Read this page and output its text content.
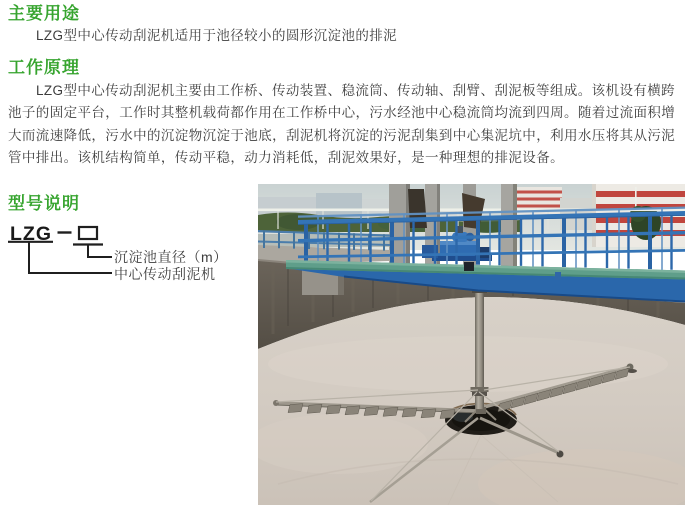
主要用途

LZG型中心传动刮泥机适用于池径较小的圆形沉淀池的排泥

工作原理

LZG型中心传动刮泥机主要由工作桥、传动装置、稳流筒、传动轴、刮臂、刮泥板等组成。该机设有横跨池子的固定平台，工作时其整机载荷都作用在工作桥中心，污水经池中心稳流筒均流到四周。随着过流面积增大而流速降低，污水中的沉淀物沉淀于池底，刮泥机将沉淀的污泥刮集到中心集泥坑中，利用水压将其从污泥管中排出。该机结构简单，传动平稳，动力消耗低，刮泥效果好，是一种理想的排泥设备。

型号说明
LZG
沉淀池直径（m）
中心传动刮泥机
